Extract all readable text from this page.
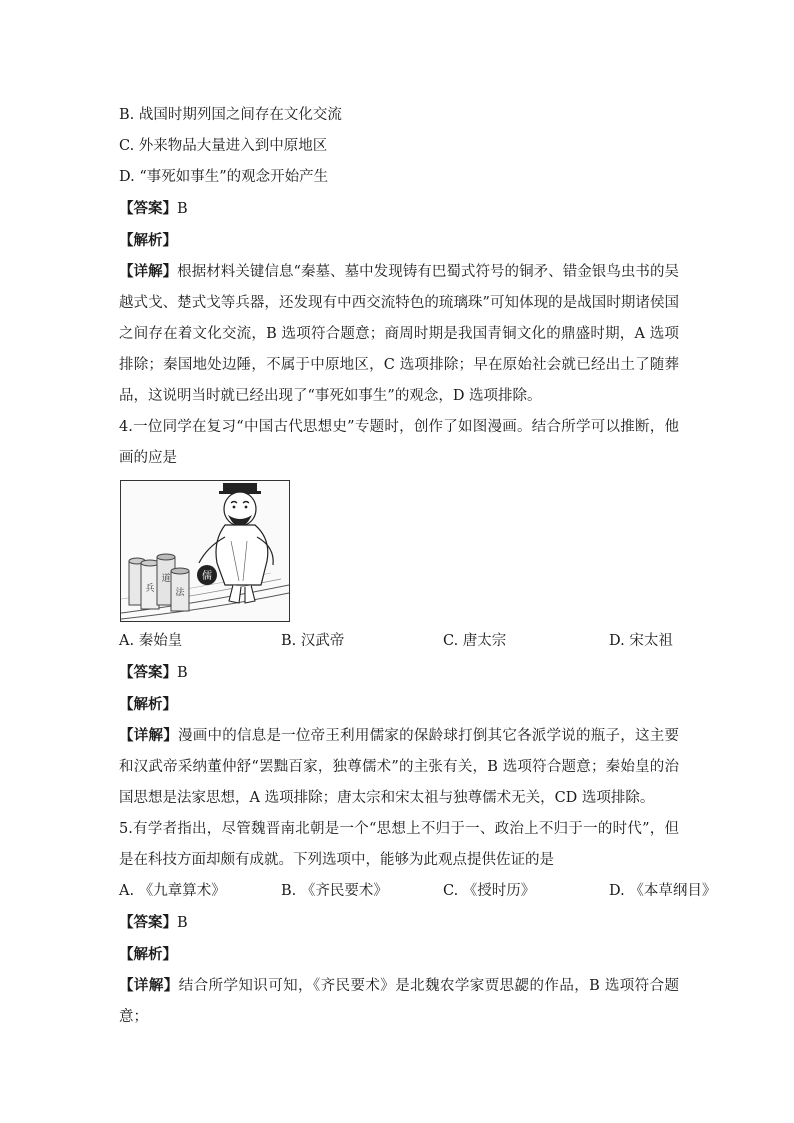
B. 战国时期列国之间存在文化交流
C. 外来物品大量进入到中原地区
D. “事死如事生”的观念开始产生
【答案】B
【解析】
【详解】根据材料关键信息“秦墓、墓中发现铸有巴蜀式符号的铜矛、错金银鸟虫书的吴越式戈、楚式戈等兵器，还发现有中西交流特色的琉璃珠”可知体现的是战国时期诸侯国之间存在着文化交流，B 选项符合题意；商周时期是我国青铜文化的鼎盛时期，A 选项排除；秦国地处边陲，不属于中原地区，C 选项排除；早在原始社会就已经出土了随葬品，这说明当时就已经出现了“事死如事生”的观念，D 选项排除。
4.一位同学在复习“中国古代思想史”专题时，创作了如图漫画。结合所学可以推断，他画的应是
儒
兵
道
法
A. 秦始皇	B. 汉武帝	C. 唐太宗	D. 宋太祖
【答案】B
【解析】
【详解】漫画中的信息是一位帝王利用儒家的保龄球打倒其它各派学说的瓶子，这主要和汉武帝采纳董仲舒“罢黜百家，独尊儒术”的主张有关，B 选项符合题意；秦始皇的治国思想是法家思想，A 选项排除；唐太宗和宋太祖与独尊儒术无关，CD 选项排除。
5.有学者指出，尽管魏晋南北朝是一个“思想上不归于一、政治上不归于一的时代”，但是在科技方面却颇有成就。下列选项中，能够为此观点提供佐证的是
A. 《九章算术》	B. 《齐民要术》	C. 《授时历》	D. 《本草纲目》
【答案】B
【解析】
【详解】结合所学知识可知，《齐民要术》是北魏农学家贾思勰的作品，B 选项符合题意；
